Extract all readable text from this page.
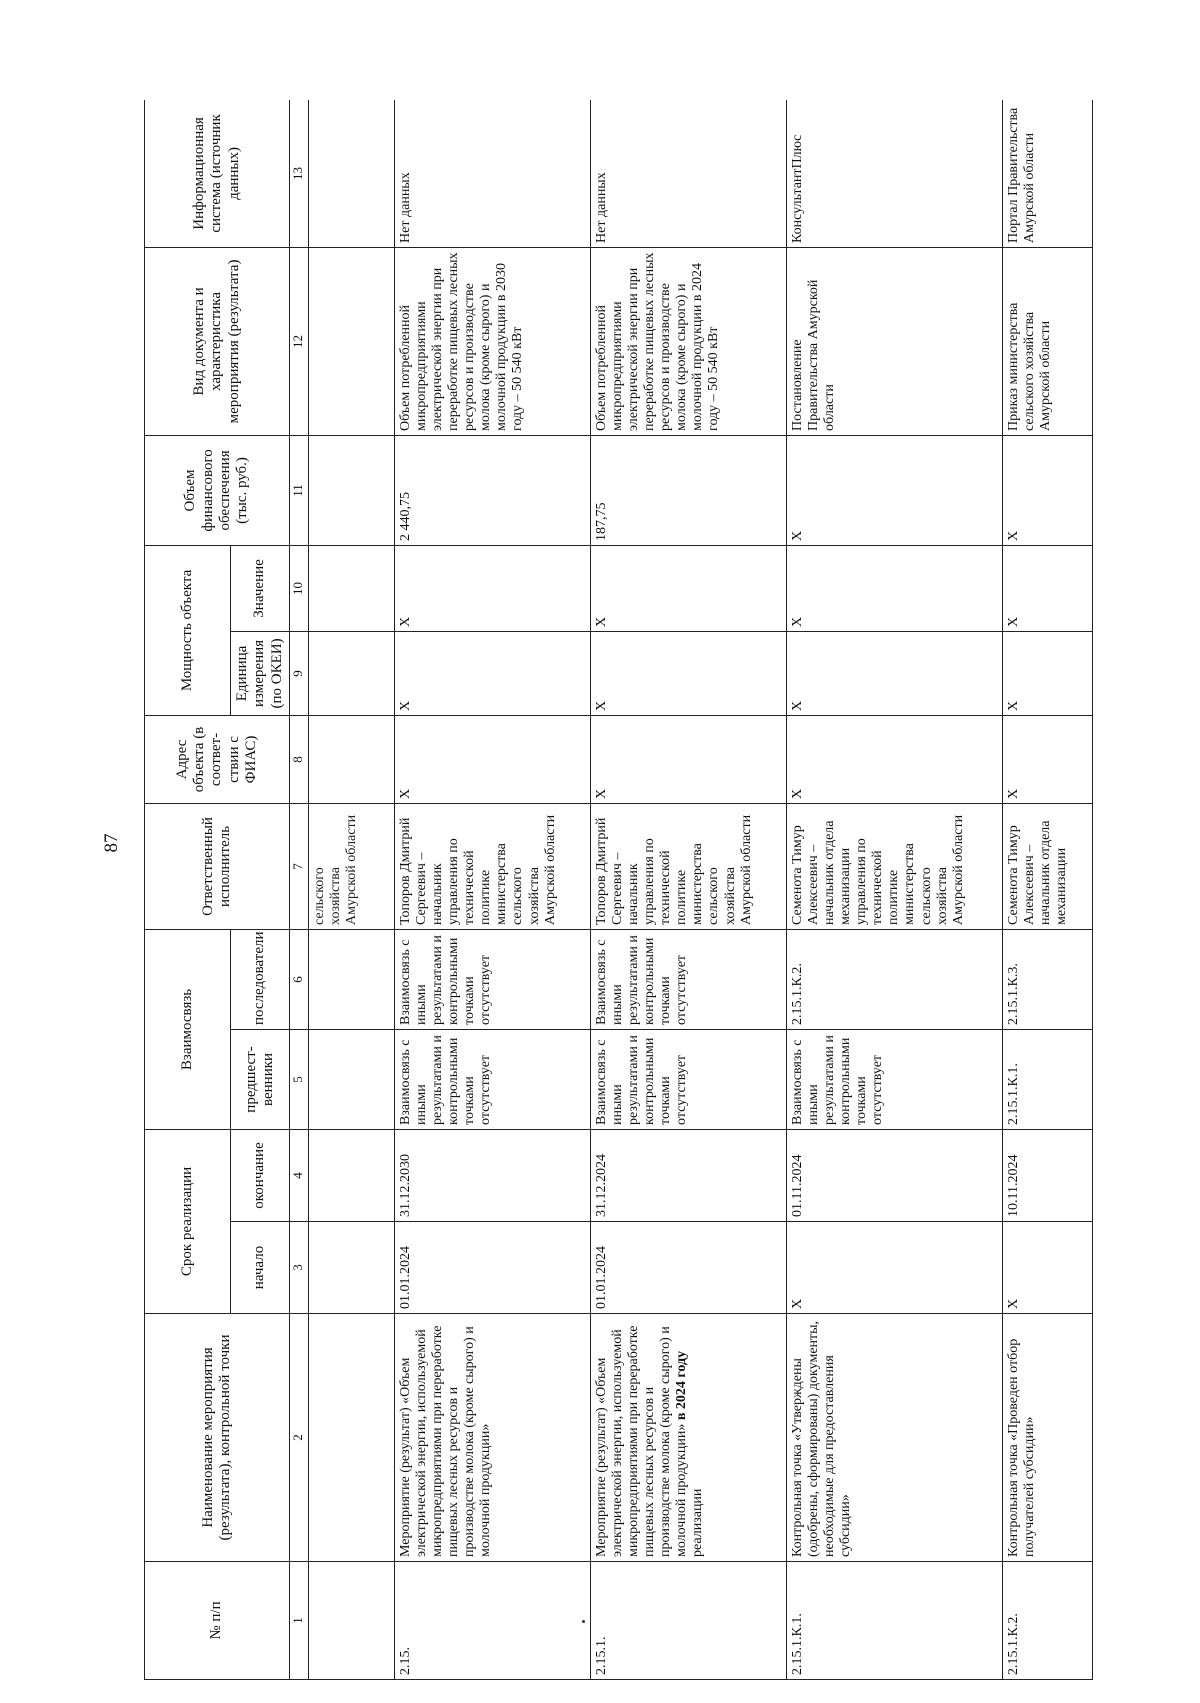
87
№ п/п	Наименование мероприятия (результата), контрольной точки	Срок реализации		Взаимосвязь		Ответственный исполнитель	Адрес объекта (в соответ-ствии с ФИАС)	Мощность объекта		Объем финансового обеспечения (тыс. руб.)	Вид документа и характеристика мероприятия (результата)	Информационная система (источник данных)
		начало	окончание	предшест-венники	последователи			Единица измерения (по ОКЕИ)	Значение			
1	2	3	4	5	6	7	8	9	10	11	12	13
						сельского хозяйства Амурской области						
2.15.	Мероприятие (результат) «Объем электрической энергии, используемой микропредприятиями при переработке пищевых лесных ресурсов и производстве молока (кроме сырого) и молочной продукции»	01.01.2024	31.12.2030	Взаимосвязь с иными результатами и контрольными точками отсутствует	Взаимосвязь с иными результатами и контрольными точками отсутствует	Топоров Дмитрий Сергеевич – начальник управления по технической политике министерства сельского хозяйства Амурской области	X	X	X	2 440,75	Объем потребленной микропредприятиями электрической энергии при переработке пищевых лесных ресурсов и производстве молока (кроме сырого) и молочной продукции в 2030 году – 50 540 кВт	Нет данных
2.15.1.	Мероприятие (результат) «Объем электрической энергии, используемой микропредприятиями при переработке пищевых лесных ресурсов и производстве молока (кроме сырого) и молочной продукции» в 2024 году реализации	01.01.2024	31.12.2024	Взаимосвязь с иными результатами и контрольными точками отсутствует	Взаимосвязь с иными результатами и контрольными точками отсутствует	Топоров Дмитрий Сергеевич – начальник управления по технической политике министерства сельского хозяйства Амурской области	X	X	X	187,75	Объем потребленной микропредприятиями электрической энергии при переработке пищевых лесных ресурсов и производстве молока (кроме сырого) и молочной продукции в 2024 году – 50 540 кВт	Нет данных
2.15.1.К.1.	Контрольная точка «Утверждены (одобрены, сформированы) документы, необходимые для предоставления субсидии»	X	01.11.2024	Взаимосвязь с иными результатами и контрольными точками отсутствует	2.15.1.К.2.	Семенота Тимур Алексеевич – начальник отдела механизации управления по технической политике министерства сельского хозяйства Амурской области	X	X	X	X	Постановление Правительства Амурской области	КонсультантПлюс
2.15.1.К.2.	Контрольная точка «Проведен отбор получателей субсидии»	X	10.11.2024	2.15.1.К.1.	2.15.1.К.3.	Семенота Тимур Алексеевич – начальник отдела механизации	X	X	X	X	Приказ министерства сельского хозяйства Амурской области	Портал Правительства Амурской области
